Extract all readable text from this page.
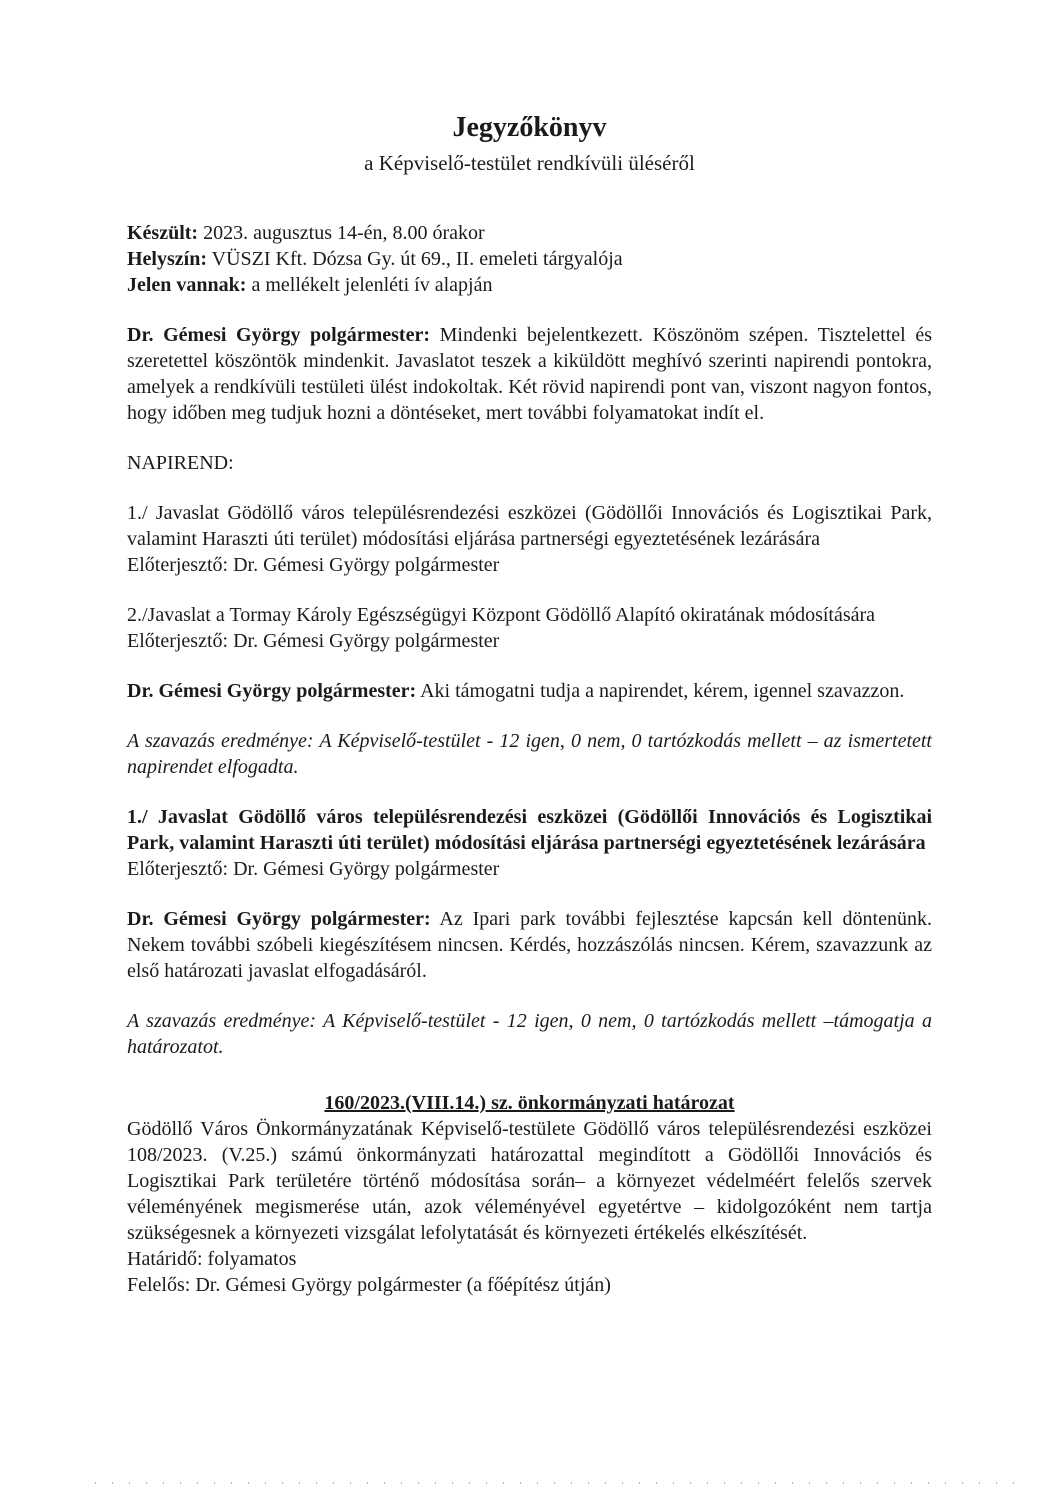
Jegyzőkönyv

a Képviselő-testület rendkívüli üléséről

Készült: 2023. augusztus 14-én, 8.00 órakor

Helyszín: VÜSZI Kft. Dózsa Gy. út 69., II. emeleti tárgyalója

Jelen vannak: a mellékelt jelenléti ív alapján

Dr. Gémesi György polgármester: Mindenki bejelentkezett. Köszönöm szépen. Tisztelettel és szeretettel köszöntök mindenkit. Javaslatot teszek a kiküldött meghívó szerinti napirendi pontokra, amelyek a rendkívüli testületi ülést indokoltak. Két rövid napirendi pont van, viszont nagyon fontos, hogy időben meg tudjuk hozni a döntéseket, mert további folyamatokat indít el.

NAPIREND:

1./ Javaslat Gödöllő város településrendezési eszközei (Gödöllői Innovációs és Logisztikai Park, valamint Haraszti úti terület) módosítási eljárása partnerségi egyeztetésének lezárására

Előterjesztő: Dr. Gémesi György polgármester

2./Javaslat a Tormay Károly Egészségügyi Központ Gödöllő Alapító okiratának módosítására

Előterjesztő: Dr. Gémesi György polgármester

Dr. Gémesi György polgármester: Aki támogatni tudja a napirendet, kérem, igennel szavazzon.

A szavazás eredménye: A Képviselő-testület - 12 igen, 0 nem, 0 tartózkodás mellett – az ismertetett napirendet elfogadta.

1./ Javaslat Gödöllő város településrendezési eszközei (Gödöllői Innovációs és Logisztikai Park, valamint Haraszti úti terület) módosítási eljárása partnerségi egyeztetésének lezárására

Előterjesztő: Dr. Gémesi György polgármester

Dr. Gémesi György polgármester: Az Ipari park további fejlesztése kapcsán kell döntenünk. Nekem további szóbeli kiegészítésem nincsen. Kérdés, hozzászólás nincsen. Kérem, szavazzunk az első határozati javaslat elfogadásáról.

A szavazás eredménye: A Képviselő-testület - 12 igen, 0 nem, 0 tartózkodás mellett –támogatja a határozatot.

160/2023.(VIII.14.) sz. önkormányzati határozat

Gödöllő Város Önkormányzatának Képviselő-testülete Gödöllő város településrendezési eszközei 108/2023. (V.25.) számú önkormányzati határozattal megindított a Gödöllői Innovációs és Logisztikai Park területére történő módosítása során– a környezet védelméért felelős szervek véleményének megismerése után, azok véleményével egyetértve – kidolgozóként nem tartja szükségesnek a környezeti vizsgálat lefolytatását és környezeti értékelés elkészítését.

Határidő: folyamatos

Felelős: Dr. Gémesi György polgármester (a főépítész útján)
